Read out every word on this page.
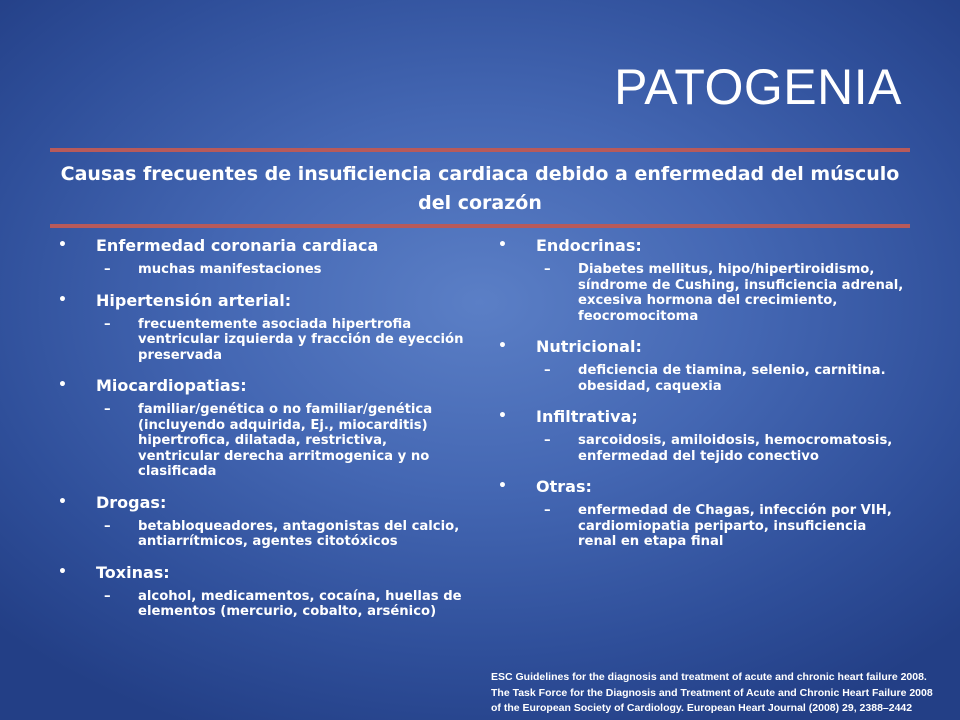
PATOGENIA
Causas frecuentes de insuficiencia cardiaca debido a enfermedad del músculo del corazón
• Enfermedad coronaria cardiaca
– muchas manifestaciones
• Hipertensión arterial:
– frecuentemente asociada hipertrofia ventricular izquierda y fracción de eyección preservada
• Miocardiopatias:
– familiar/genética o no familiar/genética (incluyendo adquirida, Ej., miocarditis) hipertrofica, dilatada, restrictiva, ventricular derecha arritmogenica y no clasificada
• Drogas:
– betabloqueadores, antagonistas del calcio, antiarrítmicos, agentes citotóxicos
• Toxinas:
– alcohol, medicamentos, cocaína, huellas de elementos (mercurio, cobalto, arsénico)
• Endocrinas:
– Diabetes mellitus, hipo/hipertiroidismo, síndrome de Cushing, insuficiencia adrenal, excesiva hormona del crecimiento, feocromocitoma
• Nutricional:
– deficiencia de tiamina, selenio, carnitina. obesidad, caquexia
• Infiltrativa;
– sarcoidosis, amiloidosis, hemocromatosis, enfermedad del tejido conectivo
• Otras:
– enfermedad de Chagas, infección por VIH, cardiomiopatia periparto, insuficiencia renal en etapa final
ESC Guidelines for the diagnosis and treatment of acute and chronic heart failure 2008.
The Task Force for the Diagnosis and Treatment of Acute and Chronic Heart Failure 2008
of the European Society of Cardiology. European Heart Journal (2008) 29, 2388–2442
